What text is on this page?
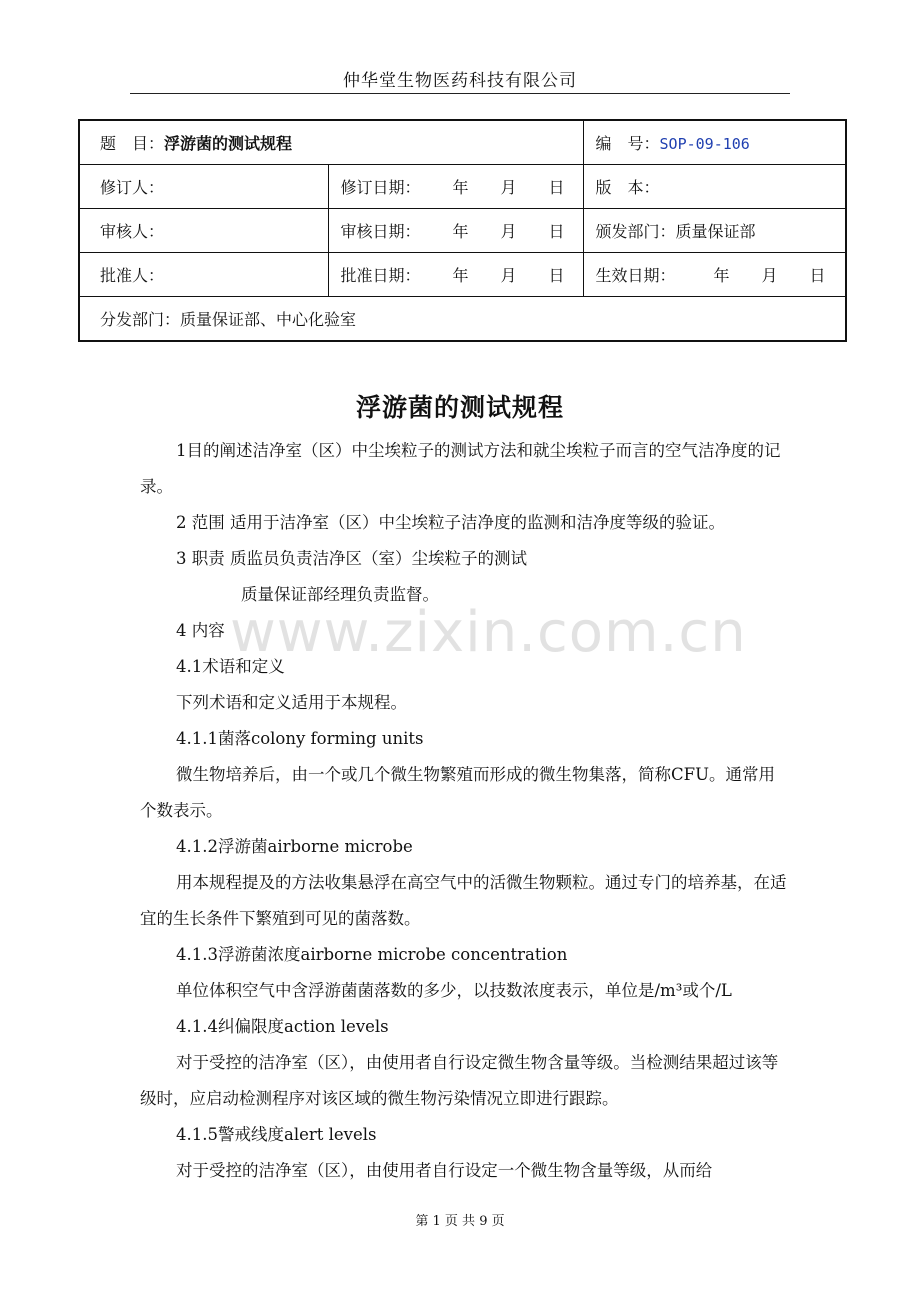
仲华堂生物医药科技有限公司
题　目：浮游菌的测试规程		编　号：SOP-09-106
修订人：	修订日期： 年 月 日	版　本：
审核人：	审核日期： 年 月 日	颁发部门：质量保证部
批准人：	批准日期： 年 月 日	生效日期： 年 月 日
分发部门：质量保证部、中心化验室		
浮游菌的测试规程

1目的阐述洁净室（区）中尘埃粒子的测试方法和就尘埃粒子而言的空气洁净度的记录。

2 范围 适用于洁净室（区）中尘埃粒子洁净度的监测和洁净度等级的验证。

3 职责 质监员负责洁净区（室）尘埃粒子的测试

质量保证部经理负责监督。

4 内容

4.1术语和定义

下列术语和定义适用于本规程。

4.1.1菌落colony forming units

微生物培养后，由一个或几个微生物繁殖而形成的微生物集落，简称CFU。通常用个数表示。

4.1.2浮游菌airborne microbe

用本规程提及的方法收集悬浮在高空气中的活微生物颗粒。通过专门的培养基，在适宜的生长条件下繁殖到可见的菌落数。

4.1.3浮游菌浓度airborne microbe concentration

单位体积空气中含浮游菌菌落数的多少，以技数浓度表示，单位是/m³或个/L

4.1.4纠偏限度action levels

对于受控的洁净室（区），由使用者自行设定微生物含量等级。当检测结果超过该等级时，应启动检测程序对该区域的微生物污染情况立即进行跟踪。

4.1.5警戒线度alert levels

对于受控的洁净室（区），由使用者自行设定一个微生物含量等级，从而给

www.zixin.com.cn
第 1 页 共 9 页
